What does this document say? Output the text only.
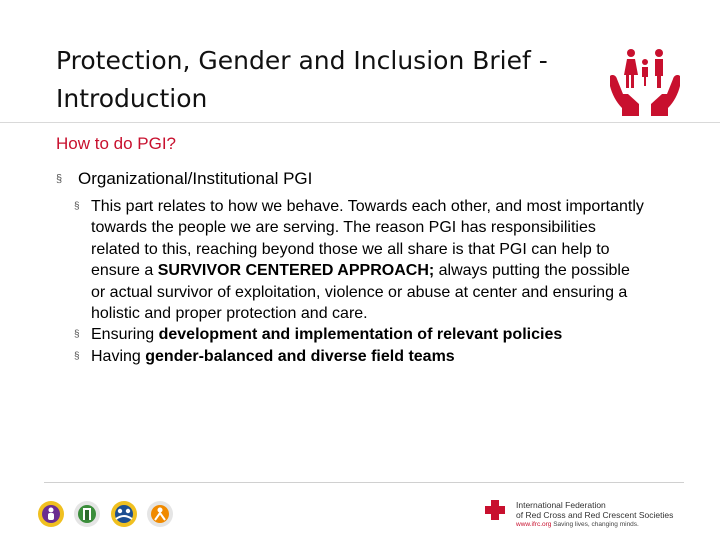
Protection, Gender and Inclusion Brief -
Introduction
How to do PGI?
§ Organizational/Institutional PGI
§ This part relates to how we behave. Towards each other, and most importantly towards the people we are serving. The reason PGI has responsibilities related to this, reaching beyond those we all share is that PGI can help to ensure a SURVIVOR CENTERED APPROACH; always putting the possible or actual survivor of exploitation, violence or abuse at center and ensuring a holistic and proper protection and care.
§ Ensuring development and implementation of relevant policies
§ Having gender-balanced and diverse field teams
International Federation
of Red Cross and Red Crescent Societies
www.ifrc.org Saving lives, changing minds.
